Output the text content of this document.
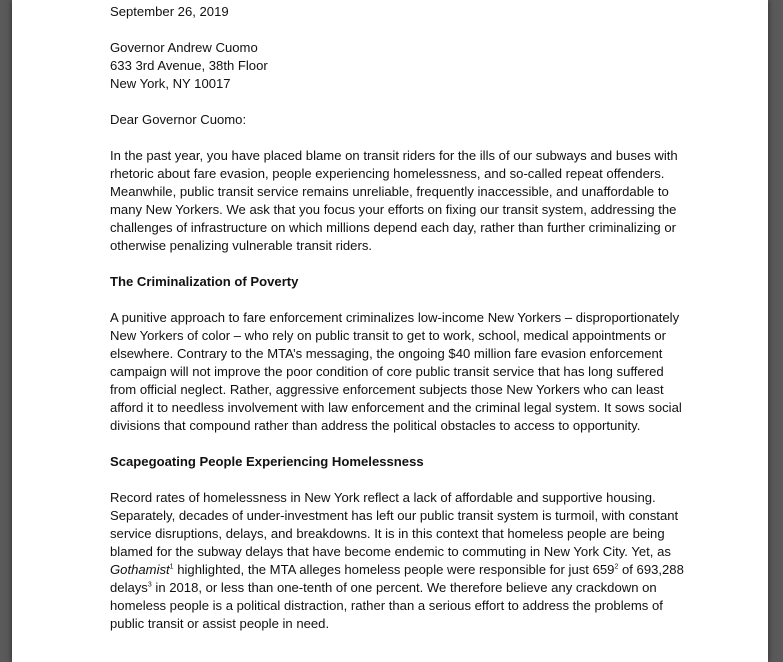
September 26, 2019

Governor Andrew Cuomo

633 3rd Avenue, 38th Floor

New York, NY 10017

Dear Governor Cuomo:

In the past year, you have placed blame on transit riders for the ills of our subways and buses with rhetoric about fare evasion, people experiencing homelessness, and so-called repeat offenders. Meanwhile, public transit service remains unreliable, frequently inaccessible, and unaffordable to many New Yorkers. We ask that you focus your efforts on fixing our transit system, addressing the challenges of infrastructure on which millions depend each day, rather than further criminalizing or otherwise penalizing vulnerable transit riders.

The Criminalization of Poverty

A punitive approach to fare enforcement criminalizes low-income New Yorkers – disproportionately New Yorkers of color – who rely on public transit to get to work, school, medical appointments or elsewhere. Contrary to the MTA’s messaging, the ongoing $40 million fare evasion enforcement campaign will not improve the poor condition of core public transit service that has long suffered from official neglect. Rather, aggressive enforcement subjects those New Yorkers who can least afford it to needless involvement with law enforcement and the criminal legal system. It sows social divisions that compound rather than address the political obstacles to access to opportunity.

Scapegoating People Experiencing Homelessness

Record rates of homelessness in New York reflect a lack of affordable and supportive housing. Separately, decades of under-investment has left our public transit system is turmoil, with constant service disruptions, delays, and breakdowns. It is in this context that homeless people are being blamed for the subway delays that have become endemic to commuting in New York City. Yet, as Gothamist$^1$ highlighted, the MTA alleges homeless people were responsible for just $659^2$ of 693,288 delays$^3$ in 2018, or less than one-tenth of one percent. We therefore believe any crackdown on homeless people is a political distraction, rather than a serious effort to address the problems of public transit or assist people in need.
